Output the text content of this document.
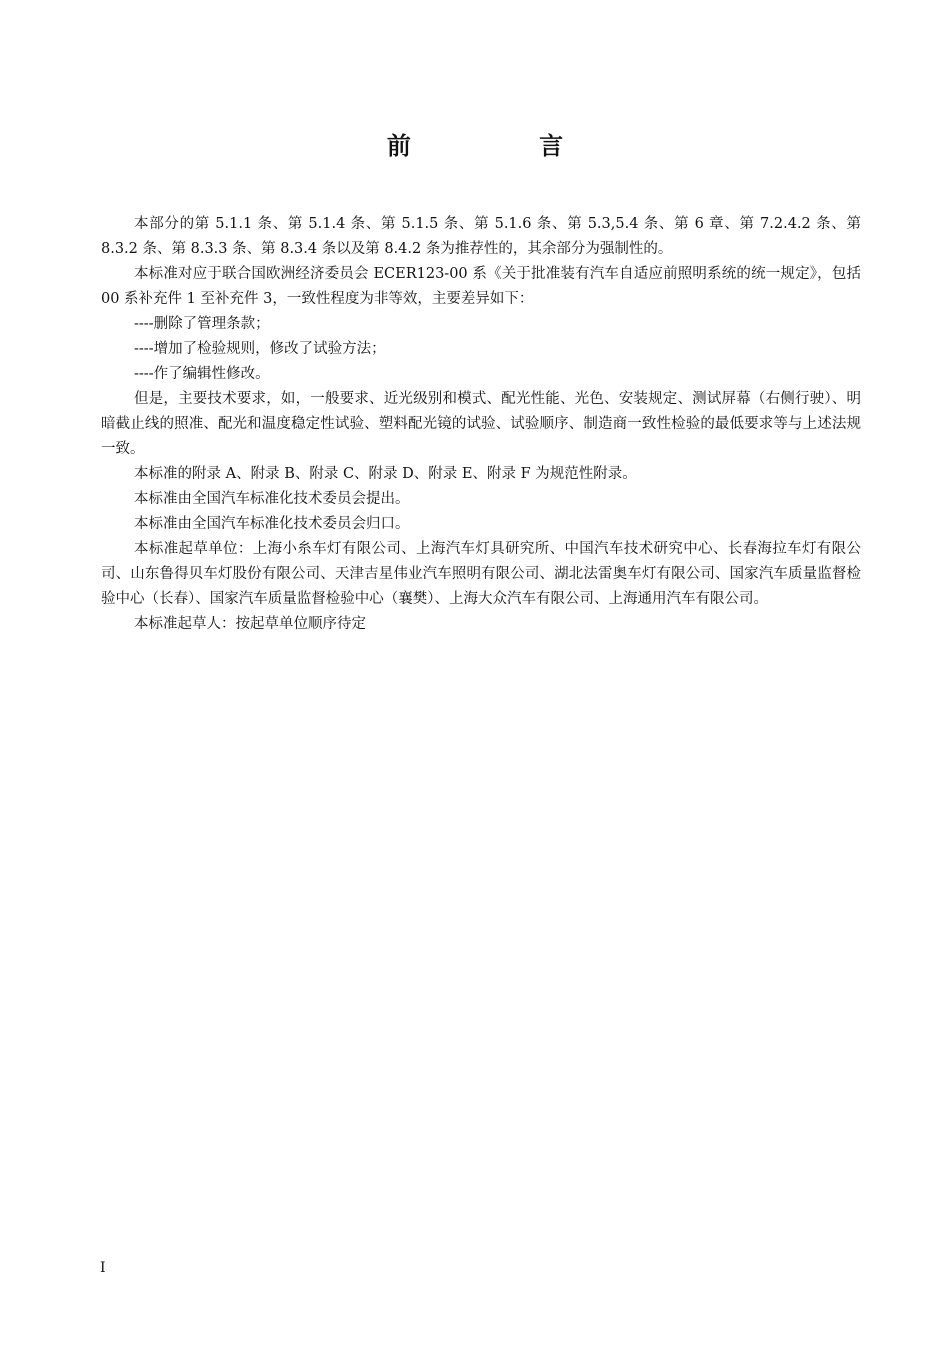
前 言

本部分的第 5.1.1 条、第 5.1.4 条、第 5.1.5 条、第 5.1.6 条、第 5.3,5.4 条、第 6 章、第 7.2.4.2 条、第 8.3.2 条、第 8.3.3 条、第 8.3.4 条以及第 8.4.2 条为推荐性的，其余部分为强制性的。

本标准对应于联合国欧洲经济委员会 ECER123-00 系《关于批准装有汽车自适应前照明系统的统一规定》，包括 00 系补充件 1 至补充件 3，一致性程度为非等效，主要差异如下：

----删除了管理条款；

----增加了检验规则，修改了试验方法；

----作了编辑性修改。

但是，主要技术要求，如，一般要求、近光级别和模式、配光性能、光色、安装规定、测试屏幕（右侧行驶）、明暗截止线的照准、配光和温度稳定性试验、塑料配光镜的试验、试验顺序、制造商一致性检验的最低要求等与上述法规一致。

本标准的附录 A、附录 B、附录 C、附录 D、附录 E、附录 F 为规范性附录。

本标准由全国汽车标准化技术委员会提出。

本标准由全国汽车标准化技术委员会归口。

本标准起草单位：上海小糸车灯有限公司、上海汽车灯具研究所、中国汽车技术研究中心、长春海拉车灯有限公司、山东鲁得贝车灯股份有限公司、天津吉星伟业汽车照明有限公司、湖北法雷奥车灯有限公司、国家汽车质量监督检验中心（长春）、国家汽车质量监督检验中心（襄樊）、上海大众汽车有限公司、上海通用汽车有限公司。

本标准起草人：按起草单位顺序待定

I
